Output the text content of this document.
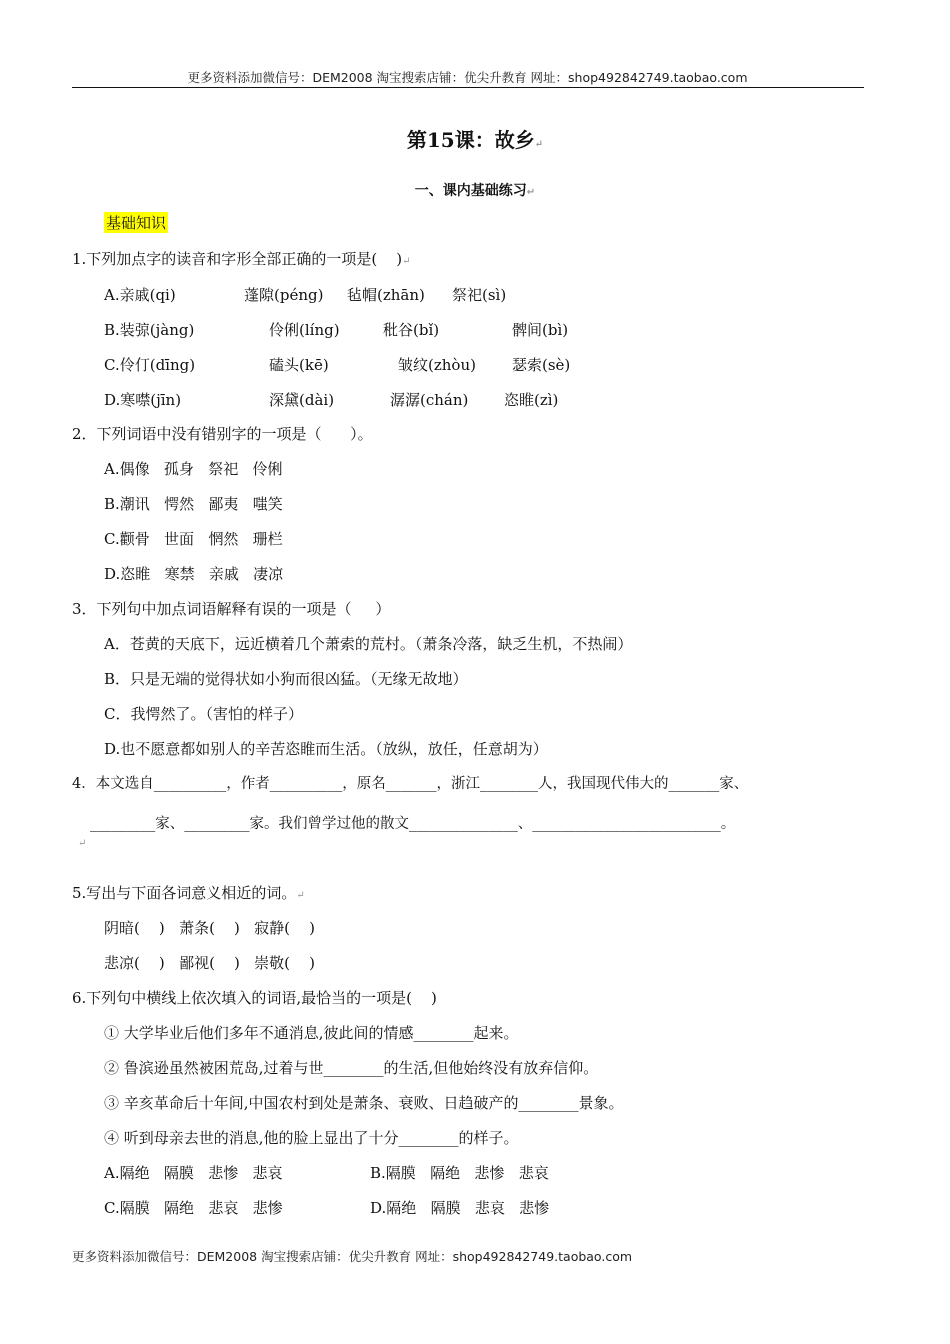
更多资料添加微信号：DEM2008 淘宝搜索店铺：优尖升教育 网址：shop492842749.taobao.com
第15课：故乡↵
一、课内基础练习↵
基础知识
1.下列加点字的读音和字形全部正确的一项是(    )↵
A.亲戚(qi)	蓬隙(péng) 毡帽(zhān) 祭祀(sì)
B.装弶(jàng)	伶俐(líng)	秕谷(bǐ)	髀间(bì)
C.伶仃(dīng)	磕头(kē)	皱纹(zhòu) 瑟索(sè)
D.寒噤(jīn)	深黛(dài)	潺潺(chán) 恣睢(zì)
2．下列词语中没有错别字的一项是（      ）。
A.偶像   孤身   祭祀   伶俐
B.潮讯   愕然   鄙夷   嗤笑
C.颧骨   世面   惘然   珊栏
D.恣睢   寒禁   亲戚   凄凉
3．下列句中加点词语解释有误的一项是（     ）
A．苍黄的天底下，远近横着几个萧索的荒村。（萧条冷落，缺乏生机，不热闹）
B．只是无端的觉得状如小狗而很凶猛。（无缘无故地）
C．我愕然了。（害怕的样子）
D.也不愿意都如别人的辛苦恣睢而生活。（放纵，放任，任意胡为）
4．本文选自__________，作者__________，原名_______，浙江________人，我国现代伟大的_______家、
_________家、_________家。我们曾学过他的散文_______________、__________________________。
↵
5.写出与下面各词意义相近的词。↵
阴暗(    )   萧条(    )   寂静(    )
悲凉(    )   鄙视(    )   崇敬(    )
6.下列句中横线上依次填入的词语,最恰当的一项是(    )
① 大学毕业后他们多年不通消息,彼此间的情感________起来。
② 鲁滨逊虽然被困荒岛,过着与世________的生活,但他始终没有放弃信仰。
③ 辛亥革命后十年间,中国农村到处是萧条、衰败、日趋破产的________景象。
④ 听到母亲去世的消息,他的脸上显出了十分________的样子。
A.隔绝   隔膜   悲惨   悲哀	B.隔膜   隔绝   悲惨   悲哀
C.隔膜   隔绝   悲哀   悲惨	D.隔绝   隔膜   悲哀   悲惨
更多资料添加微信号：DEM2008 淘宝搜索店铺：优尖升教育 网址：shop492842749.taobao.com
